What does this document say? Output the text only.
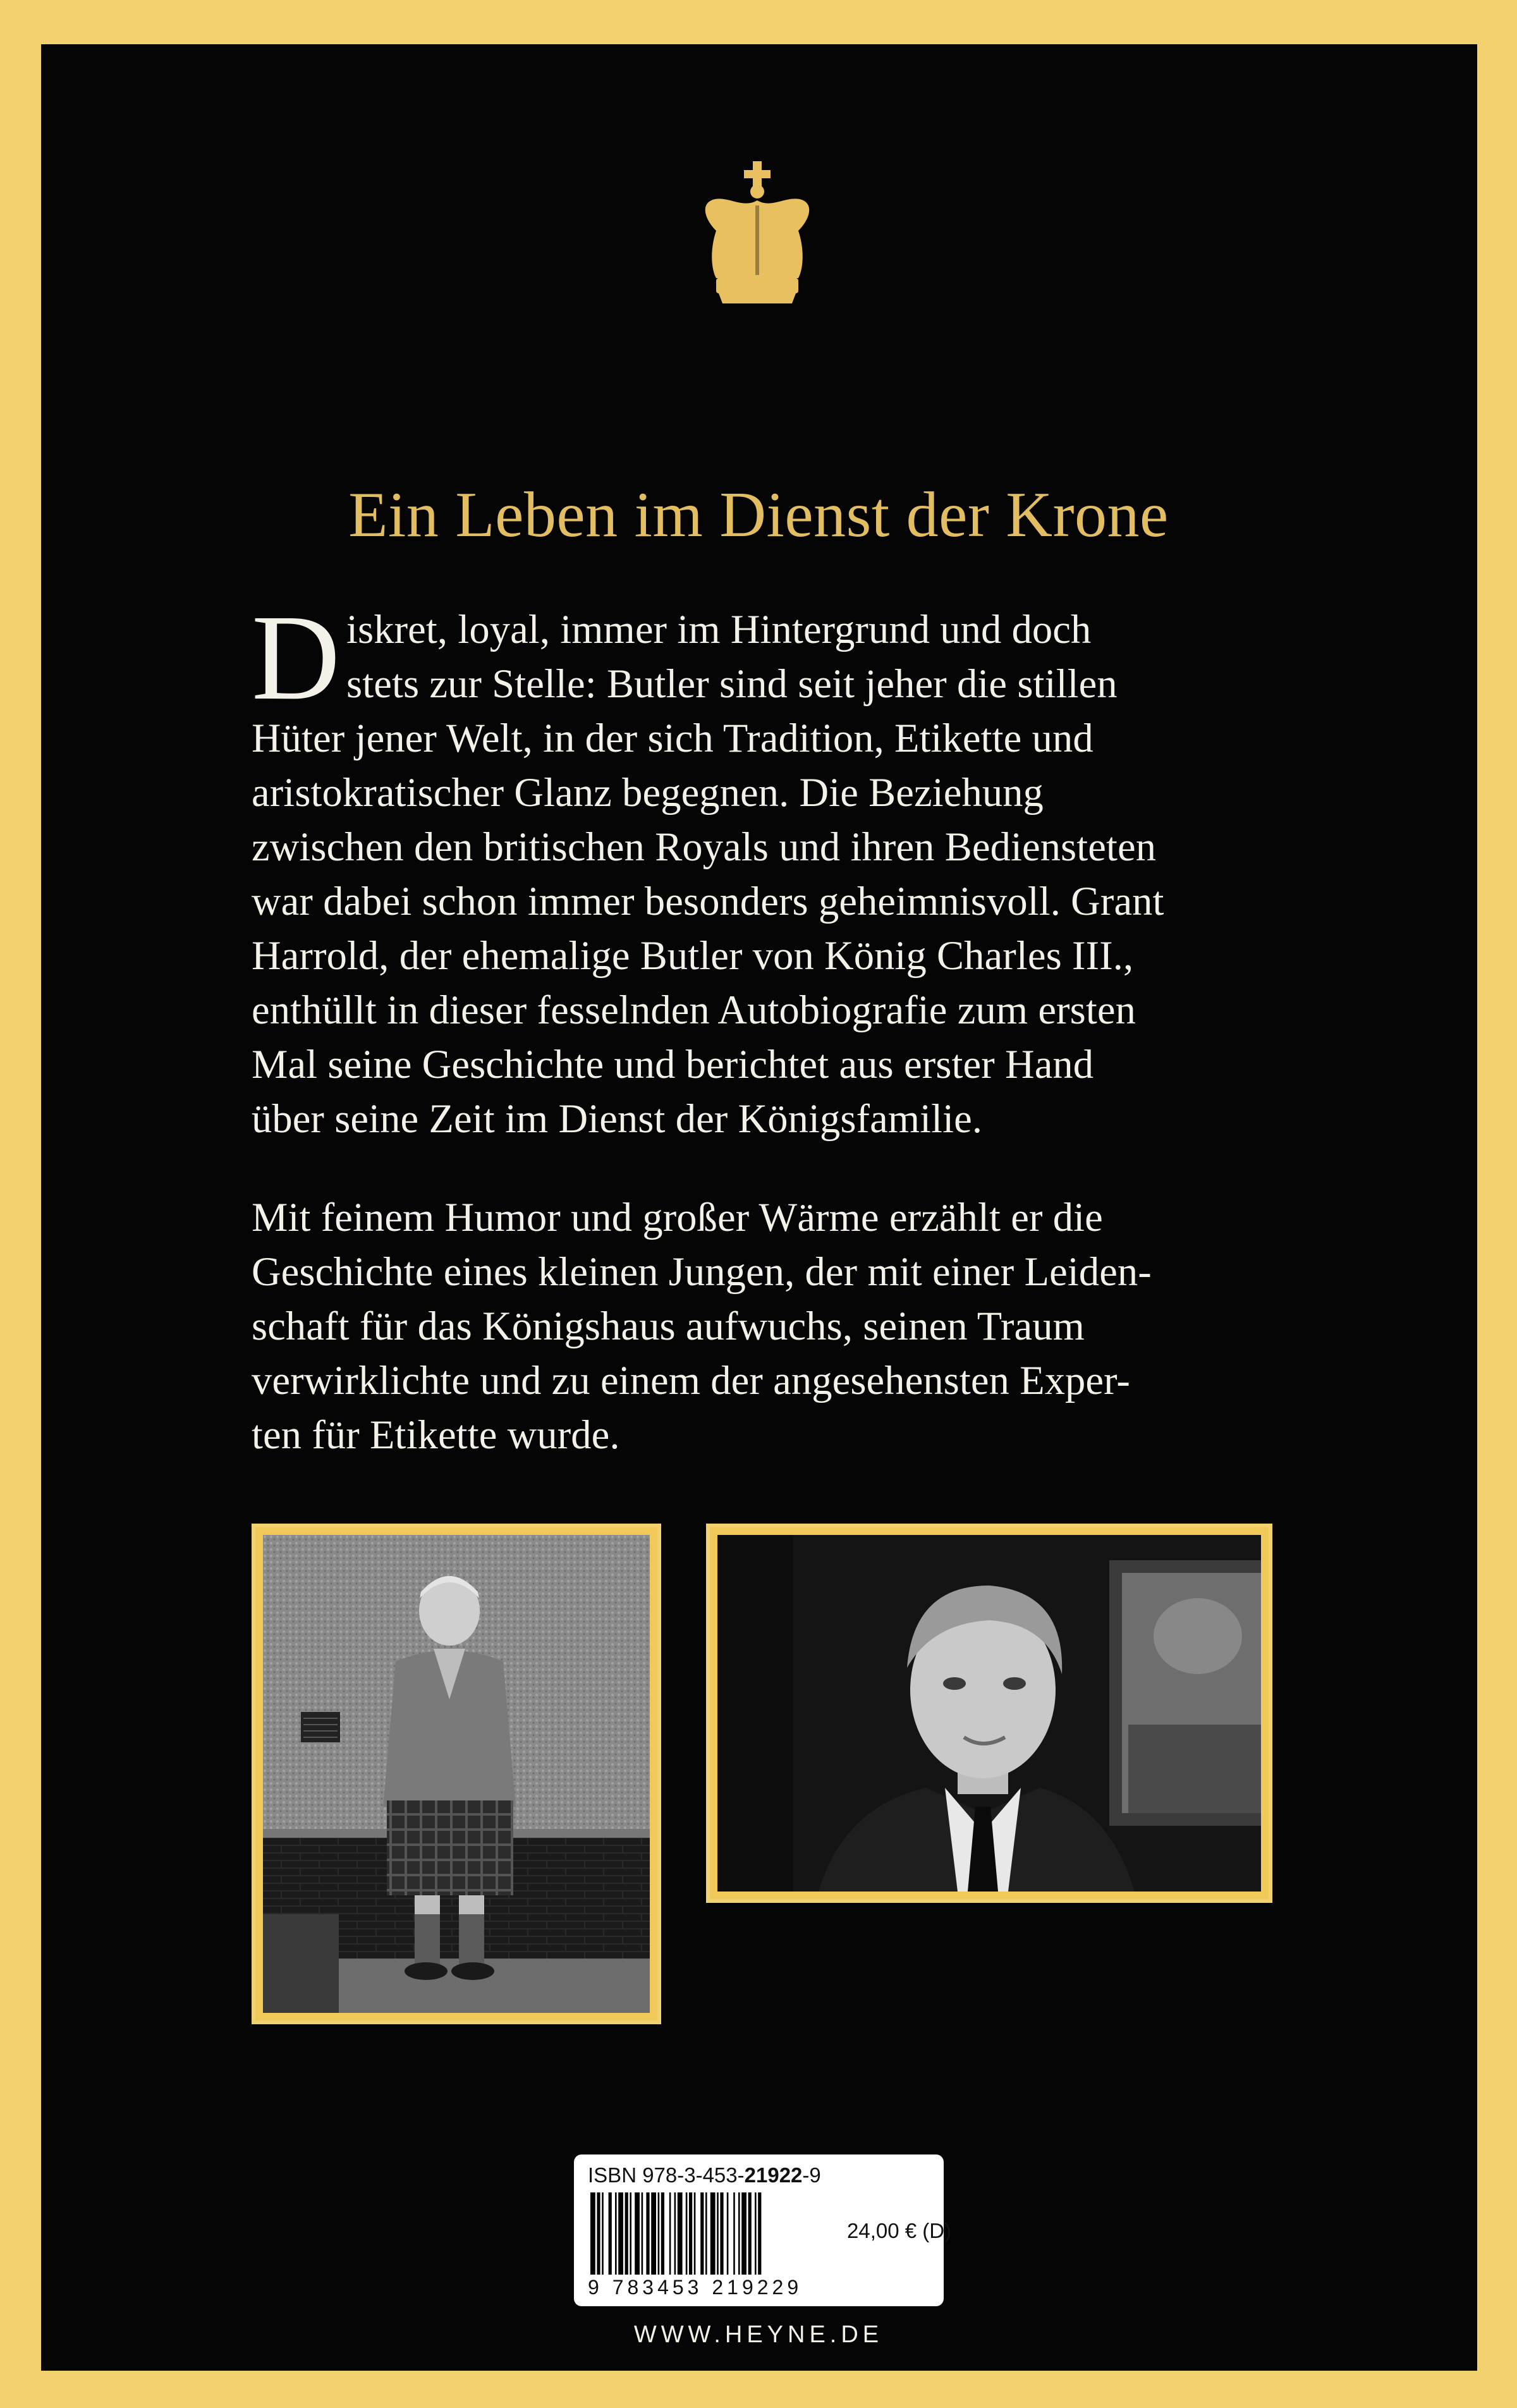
Ein Leben im Dienst der Krone
D iskret, loyal, immer im Hintergrund und doch
stets zur Stelle: Butler sind seit jeher die stillen
Hüter jener Welt, in der sich Tradition, Etikette und
aristokratischer Glanz begegnen. Die Beziehung
zwischen den britischen Royals und ihren Bediensteten
war dabei schon immer besonders geheimnisvoll. Grant
Harrold, der ehemalige Butler von König Charles III.,
enthüllt in dieser fesselnden Autobiografie zum ersten
Mal seine Geschichte und berichtet aus erster Hand
über seine Zeit im Dienst der Königsfamilie.
Mit feinem Humor und großer Wärme erzählt er die
Geschichte eines kleinen Jungen, der mit einer Leiden-
schaft für das Königshaus aufwuchs, seinen Traum
verwirklichte und zu einem der angesehensten Exper-
ten für Etikette wurde.
ISBN 978-3-453-21922-9
9 783453 219229
24,00 € (D)
WWW.HEYNE.DE
